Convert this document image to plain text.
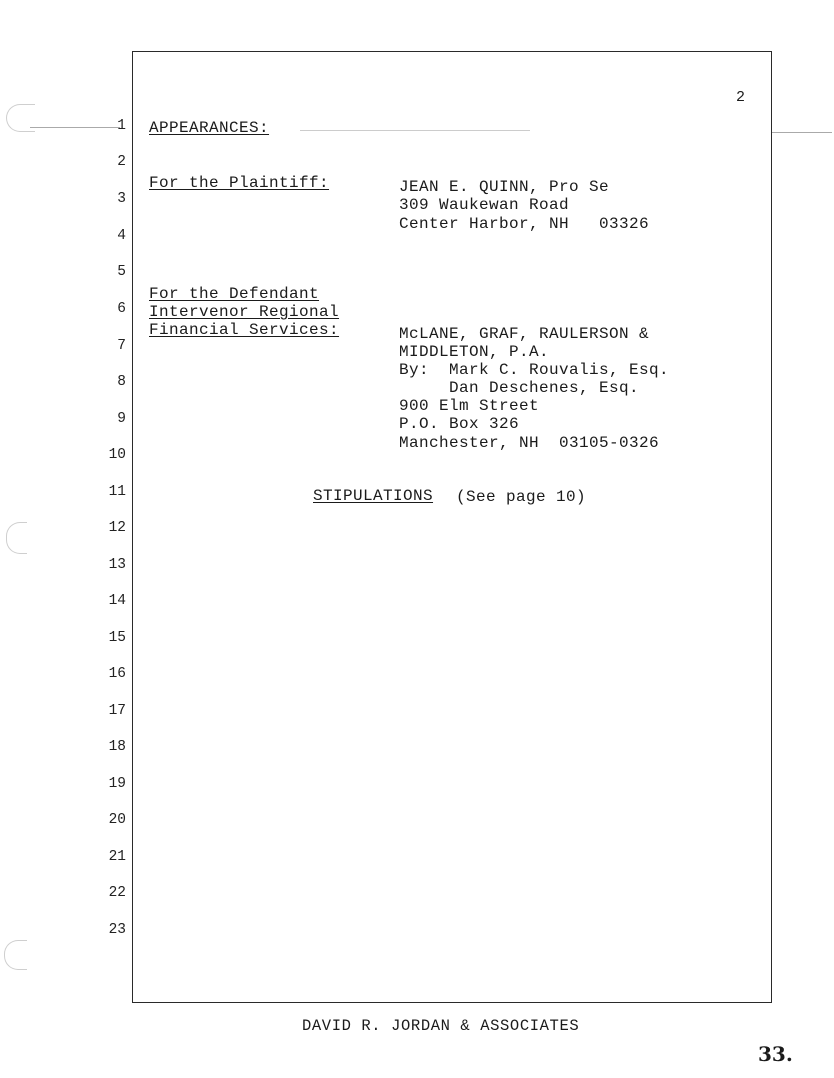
2
1
2
3
4
5
6
7
8
9
10
11
12
13
14
15
16
17
18
19
20
21
22
23
APPEARANCES:
For the Plaintiff:	JEAN E. QUINN, Pro Se
309 Waukewan Road
Center Harbor, NH   03326
For the Defendant
Intervenor Regional
Financial Services:	McLANE, GRAF, RAULERSON &
MIDDLETON, P.A.
By:  Mark C. Rouvalis, Esq.
Dan Deschenes, Esq.
900 Elm Street
P.O. Box 326
Manchester, NH  03105-0326
STIPULATIONS (See page 10)
DAVID R. JORDAN & ASSOCIATES
33.
